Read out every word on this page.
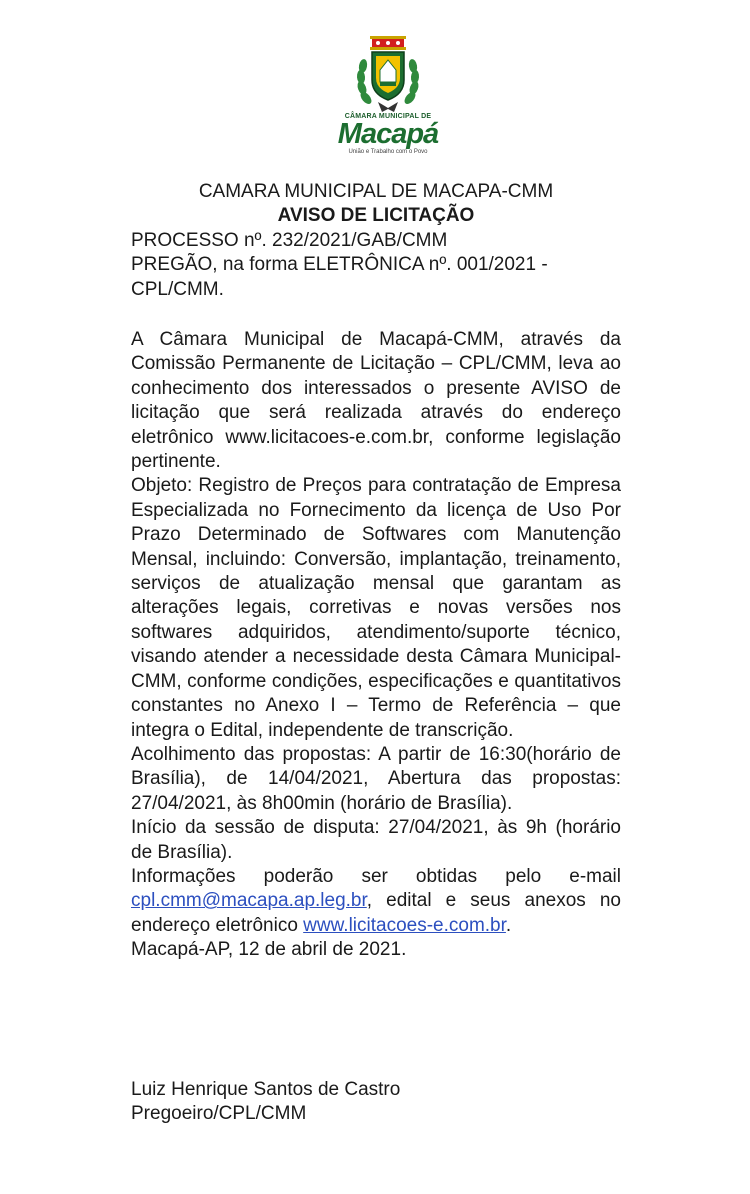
CÂMARA MUNICIPAL DE
Macapá
União e Trabalho com o Povo
CAMARA MUNICIPAL DE MACAPA-CMM
AVISO DE LICITAÇÃO
PROCESSO nº. 232/2021/GAB/CMM
PREGÃO, na forma ELETRÔNICA nº. 001/2021 -
CPL/CMM.

A Câmara Municipal de Macapá-CMM, através da Comissão Permanente de Licitação – CPL/CMM, leva ao conhecimento dos interessados o presente AVISO de licitação que será realizada através do endereço eletrônico www.licitacoes-e.com.br, conforme legislação pertinente.

Objeto: Registro de Preços para contratação de Empresa Especializada no Fornecimento da licença de Uso Por Prazo Determinado de Softwares com Manutenção Mensal, incluindo: Conversão, implantação, treinamento, serviços de atualização mensal que garantam as alterações legais, corretivas e novas versões nos softwares adquiridos, atendimento/suporte técnico, visando atender a necessidade desta Câmara Municipal-CMM, conforme condições, especificações e quantitativos constantes no Anexo I – Termo de Referência – que integra o Edital, independente de transcrição.

Acolhimento das propostas: A partir de 16:30(horário de Brasília), de 14/04/2021, Abertura das propostas: 27/04/2021, às 8h00min (horário de Brasília).

Início da sessão de disputa: 27/04/2021, às 9h (horário de Brasília).

Informações poderão ser obtidas pelo e-mail cpl.cmm@macapa.ap.leg.br, edital e seus anexos no endereço eletrônico www.licitacoes-e.com.br.

Macapá-AP, 12 de abril de 2021.

Luiz Henrique Santos de Castro
Pregoeiro/CPL/CMM
